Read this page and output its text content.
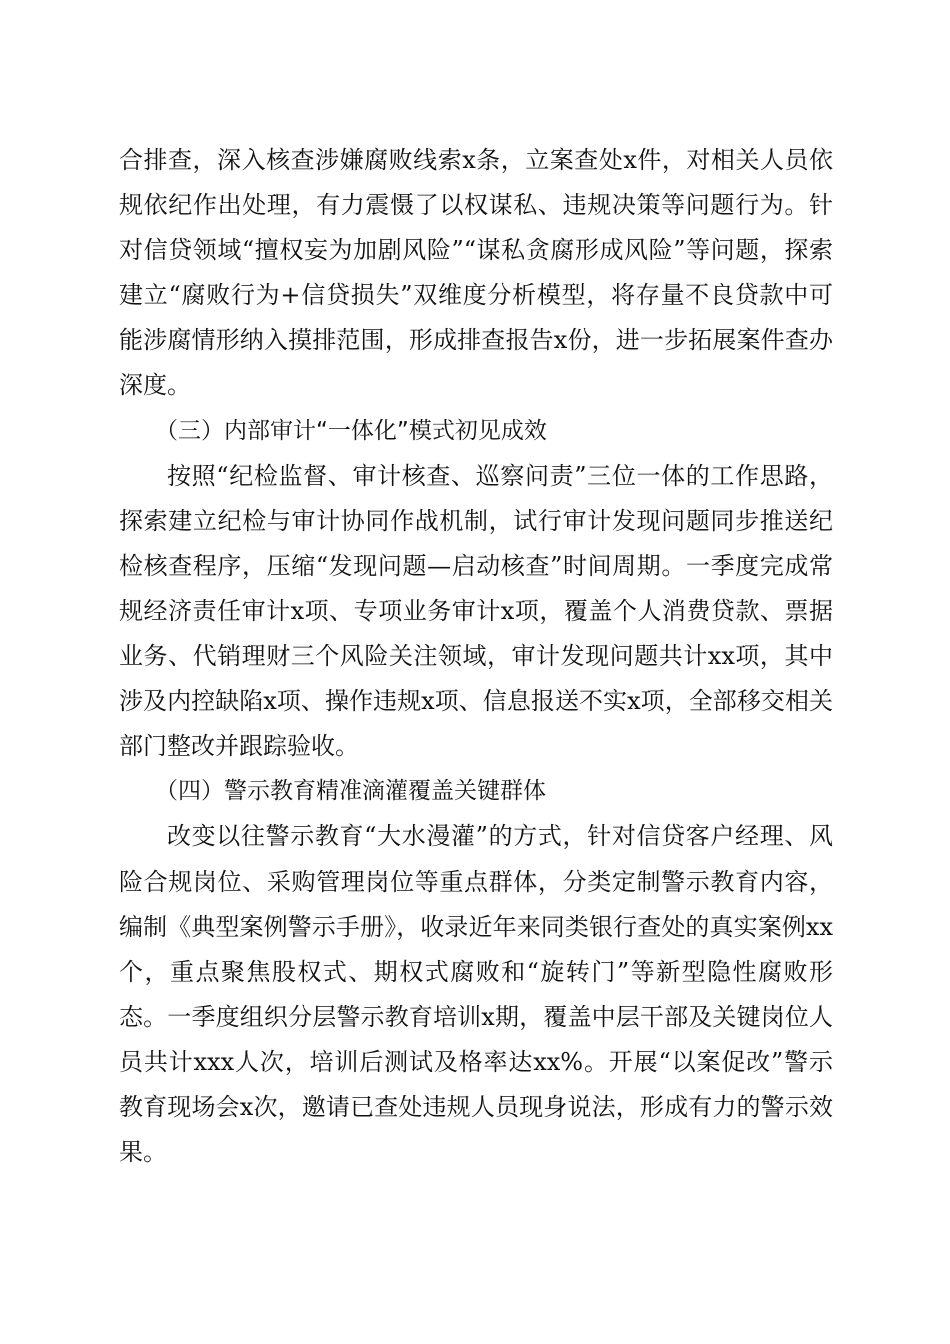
合排查，深入核查涉嫌腐败线索x条，立案查处x件，对相关人员依规依纪作出处理，有力震慑了以权谋私、违规决策等问题行为。针对信贷领域“擅权妄为加剧风险”“谋私贪腐形成风险”等问题，探索建立“腐败行为+信贷损失”双维度分析模型，将存量不良贷款中可能涉腐情形纳入摸排范围，形成排查报告x份，进一步拓展案件查办深度。

（三）内部审计“一体化”模式初见成效

按照“纪检监督、审计核查、巡察问责”三位一体的工作思路，探索建立纪检与审计协同作战机制，试行审计发现问题同步推送纪检核查程序，压缩“发现问题—启动核查”时间周期。一季度完成常规经济责任审计x项、专项业务审计x项，覆盖个人消费贷款、票据业务、代销理财三个风险关注领域，审计发现问题共计xx项，其中涉及内控缺陷x项、操作违规x项、信息报送不实x项，全部移交相关部门整改并跟踪验收。

（四）警示教育精准滴灌覆盖关键群体

改变以往警示教育“大水漫灌”的方式，针对信贷客户经理、风险合规岗位、采购管理岗位等重点群体，分类定制警示教育内容，编制《典型案例警示手册》，收录近年来同类银行查处的真实案例xx个，重点聚焦股权式、期权式腐败和“旋转门”等新型隐性腐败形态。一季度组织分层警示教育培训x期，覆盖中层干部及关键岗位人员共计xxx人次，培训后测试及格率达xx%。开展“以案促改”警示教育现场会x次，邀请已查处违规人员现身说法，形成有力的警示效果。
